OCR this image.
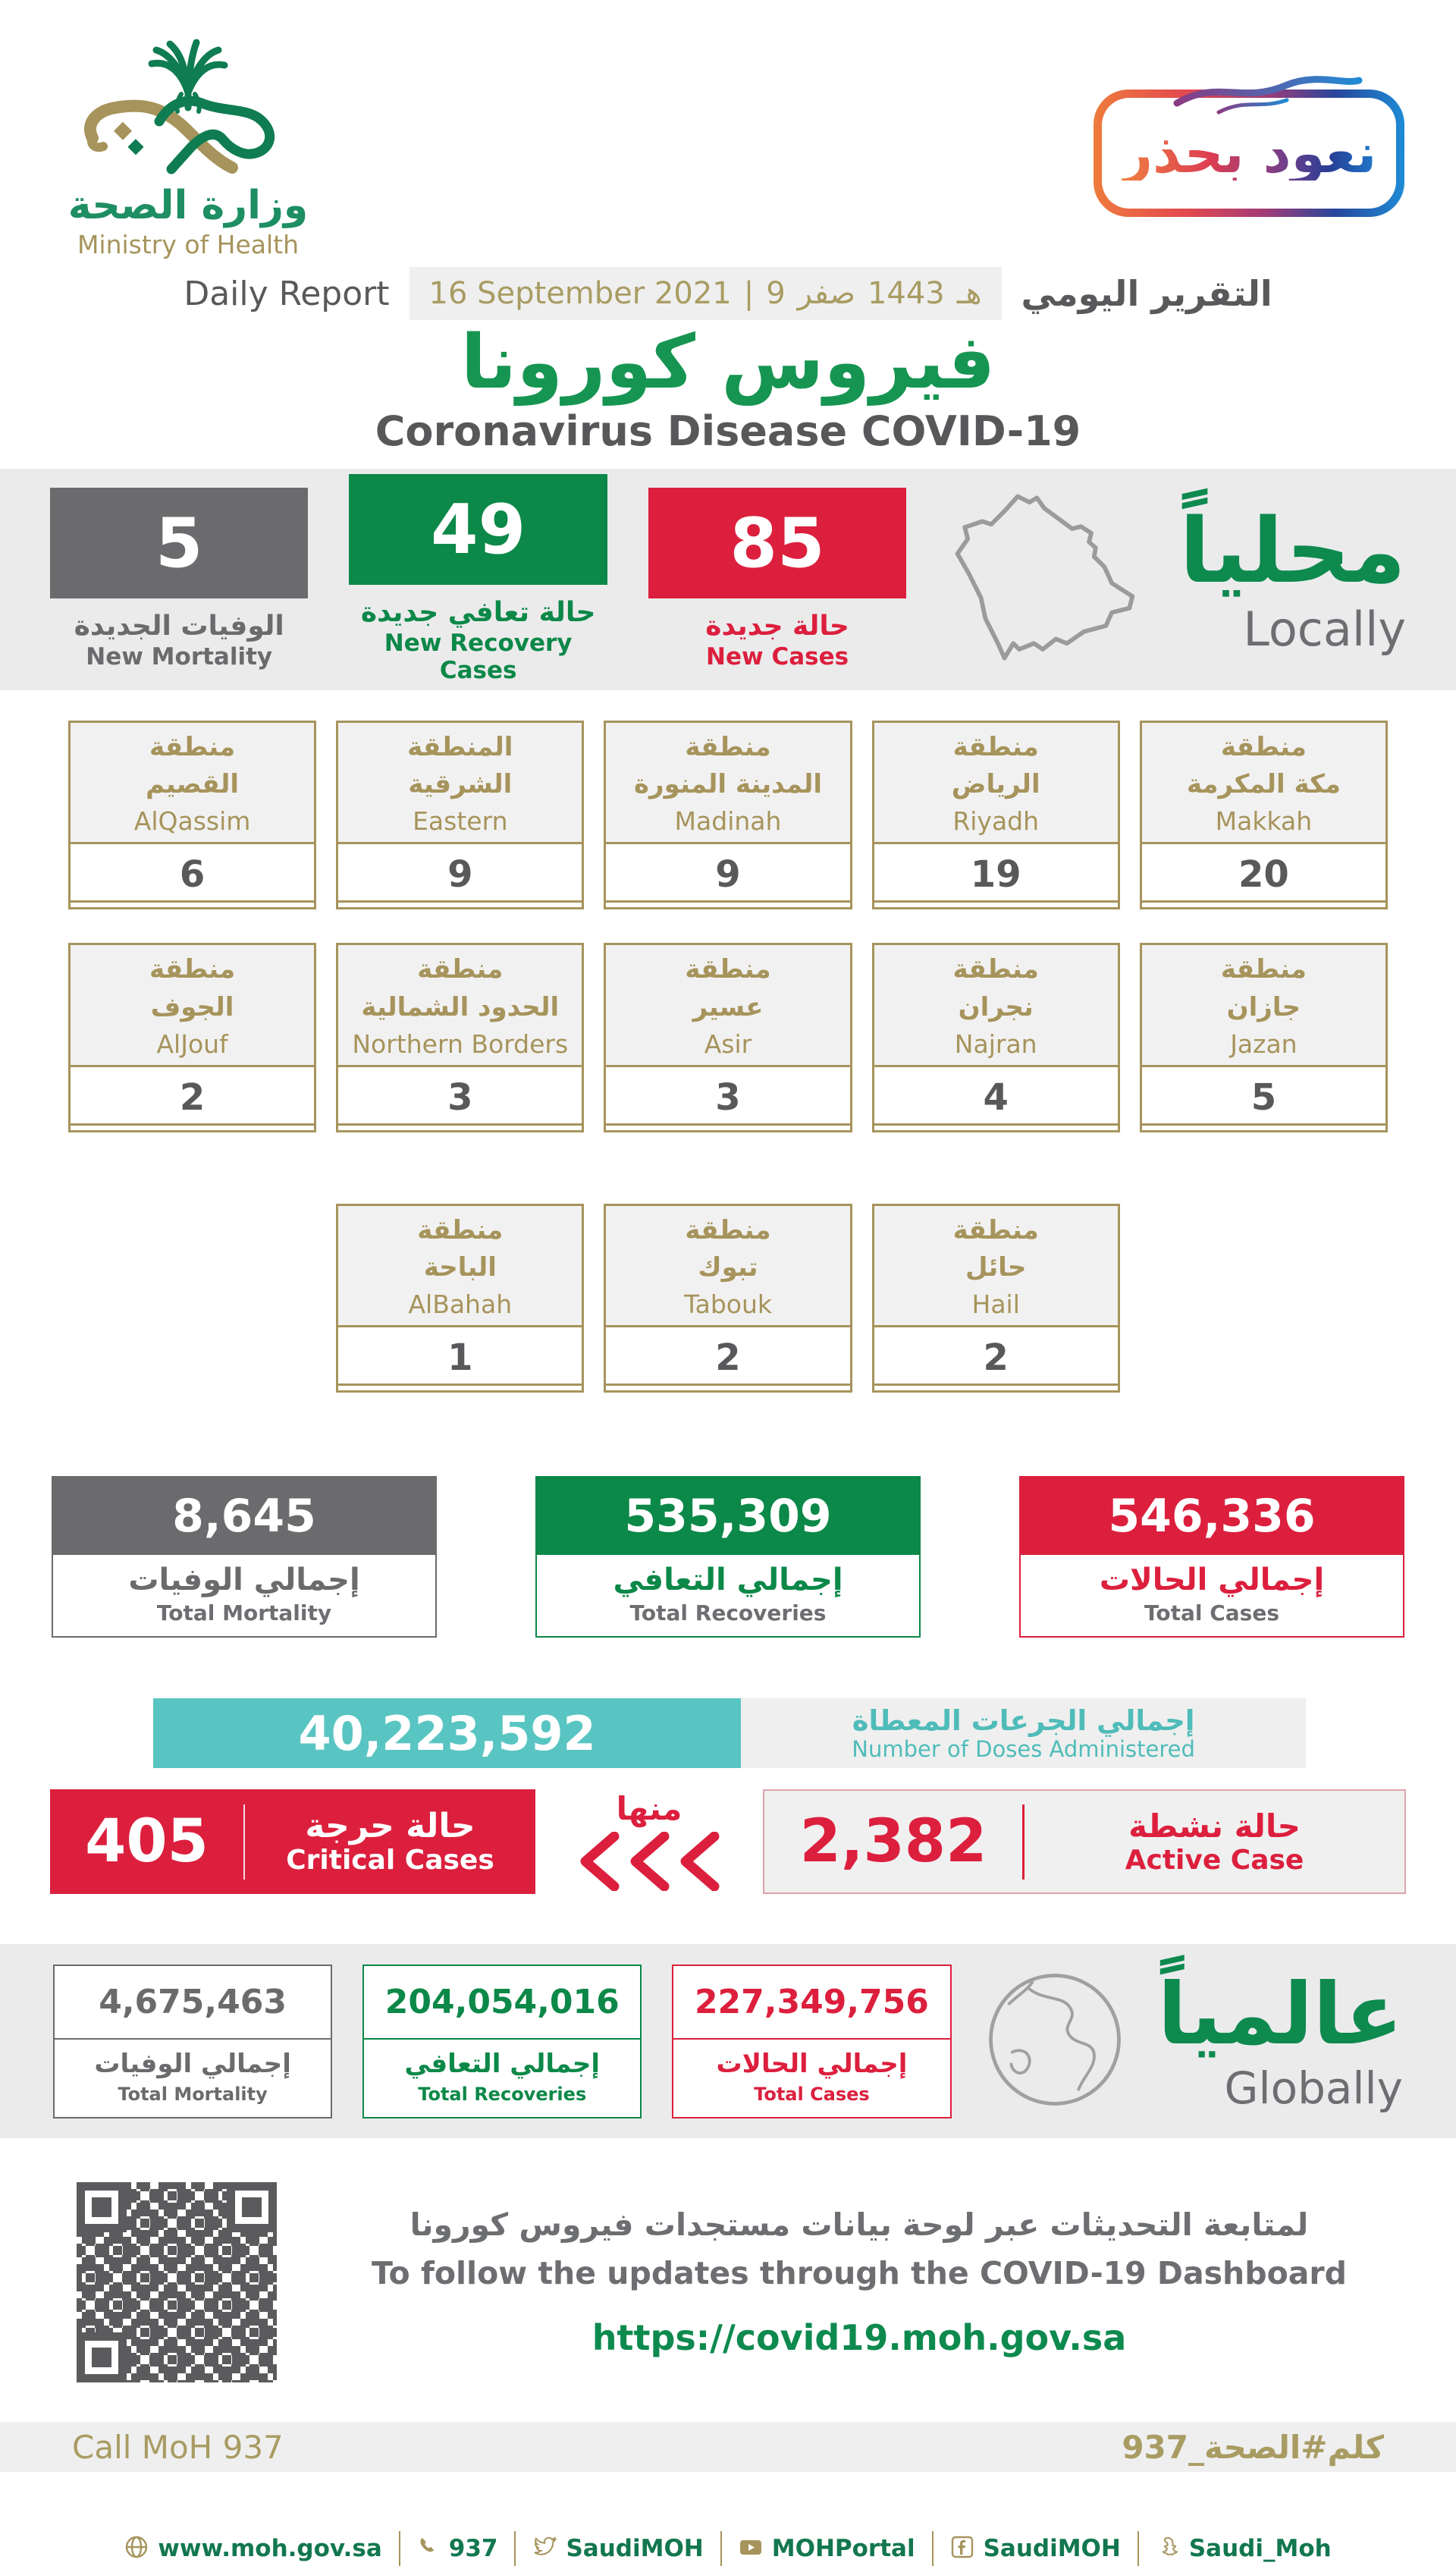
وزارة الصحة
Ministry of Health
نعود بحذر
Daily Report 16 September 2021 | 9 صفر 1443 هـ التقرير اليومي
فيروس كورونا
Coronavirus Disease COVID-19
5
الوفيات الجديدة
New Mortality
49
حالة تعافي جديدة
New Recovery Cases
85
حالة جديدة
New Cases
محلياً
Locally
منطقة
القصيم
AlQassim
6
المنطقة
الشرقية
Eastern
9
منطقة
المدينة المنورة
Madinah
9
منطقة
الرياض
Riyadh
19
منطقة
مكة المكرمة
Makkah
20
منطقة
الجوف
AlJouf
2
منطقة
الحدود الشمالية
Northern Borders
3
منطقة
عسير
Asir
3
منطقة
نجران
Najran
4
منطقة
جازان
Jazan
5
منطقة
الباحة
AlBahah
1
منطقة
تبوك
Tabouk
2
منطقة
حائل
Hail
2
8,645
إجمالي الوفيات
Total Mortality
535,309
إجمالي التعافي
Total Recoveries
546,336
إجمالي الحالات
Total Cases
40,223,592	إجمالي الجرعات المعطاة
Number of Doses Administered
405	حالة حرجة
Critical Cases
منها	2,382	حالة نشطة
Active Case
4,675,463
إجمالي الوفيات
Total Mortality
204,054,016
إجمالي التعافي
Total Recoveries
227,349,756
إجمالي الحالات
Total Cases
عالمياً
Globally
لمتابعة التحديثات عبر لوحة بيانات مستجدات فيروس كورونا
To follow the updates through the COVID-19 Dashboard
https://covid19.moh.gov.sa
Call MoH 937	كلم#الصحة_937
www.moh.gov.sa	937	SaudiMOH	MOHPortal	SaudiMOH	Saudi_Moh
